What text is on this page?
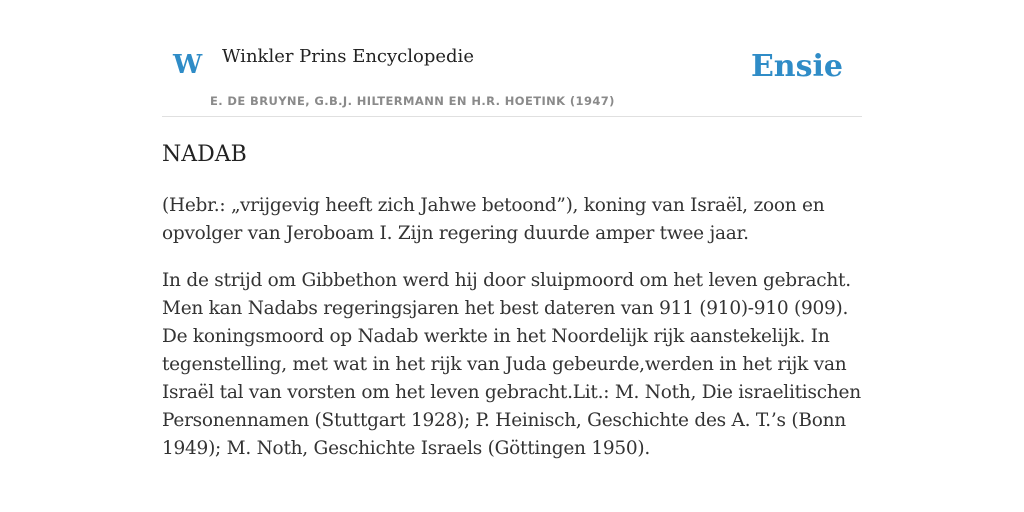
W Winkler Prins Encyclopedie
E. DE BRUYNE, G.B.J. HILTERMANN EN H.R. HOETINK (1947)
Ensie
NADAB

(Hebr.: „vrijgevig heeft zich Jahwe betoond”), koning van Israël, zoon en opvolger van Jeroboam I. Zijn regering duurde amper twee jaar.

In de strijd om Gibbethon werd hij door sluipmoord om het leven gebracht. Men kan Nadabs regeringsjaren het best dateren van 911 (910)-910 (909). De koningsmoord op Nadab werkte in het Noordelijk rijk aanstekelijk. In tegenstelling, met wat in het rijk van Juda gebeurde,werden in het rijk van Israël tal van vorsten om het leven gebracht.Lit.: M. Noth, Die israelitischen Personennamen (Stuttgart 1928); P. Heinisch, Geschichte des A. T.’s (Bonn 1949); M. Noth, Geschichte Israels (Göttingen 1950).
